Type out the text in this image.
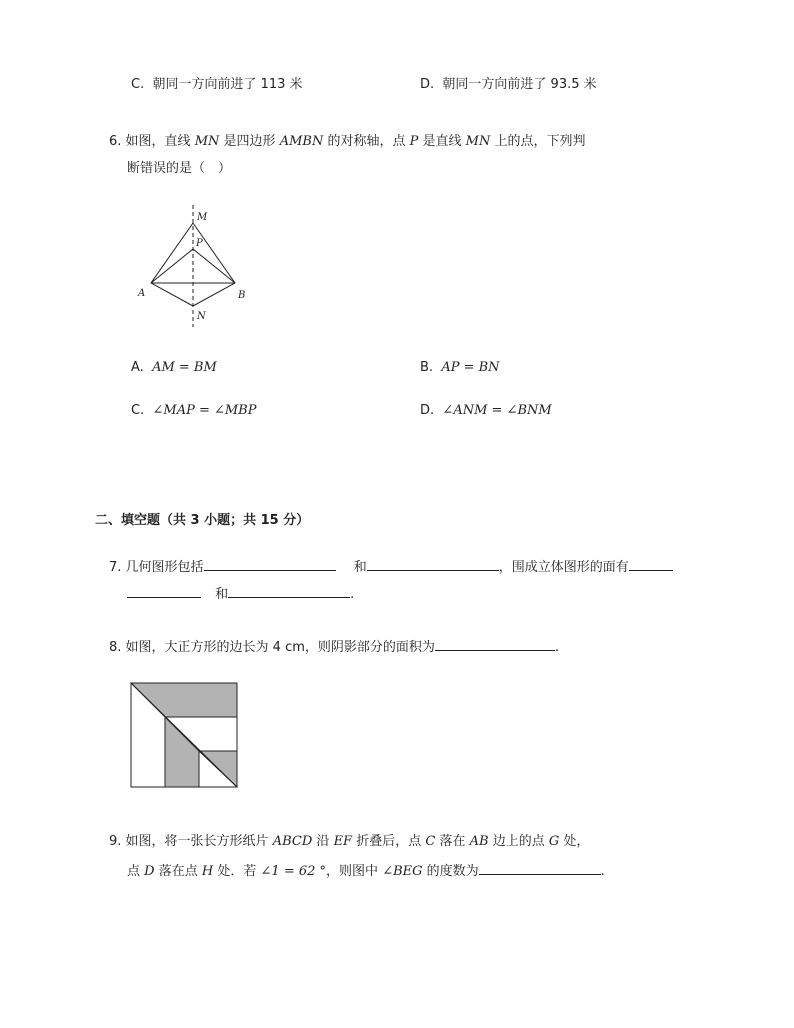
C. 朝同一方向前进了 113 米	D. 朝同一方向前进了 93.5 米
6. 如图，直线 MN 是四边形 AMBN 的对称轴，点 P 是直线 MN 上的点，下列判
断错误的是（　）
M
P
A	B
N
A. AM = BM	B. AP = BN
C. ∠MAP = ∠MBP	D. ∠ANM = ∠BNM
二、填空题（共 3 小题；共 15 分）
7. 几何图形包括	和	，围成立体图形的面有
和	.
8. 如图，大正方形的边长为 4 cm，则阴影部分的面积为	.
9. 如图，将一张长方形纸片 ABCD 沿 EF 折叠后，点 C 落在 AB 边上的点 G 处，
点 D 落在点 H 处．若 ∠1 = 62 °，则图中 ∠BEG 的度数为	.
